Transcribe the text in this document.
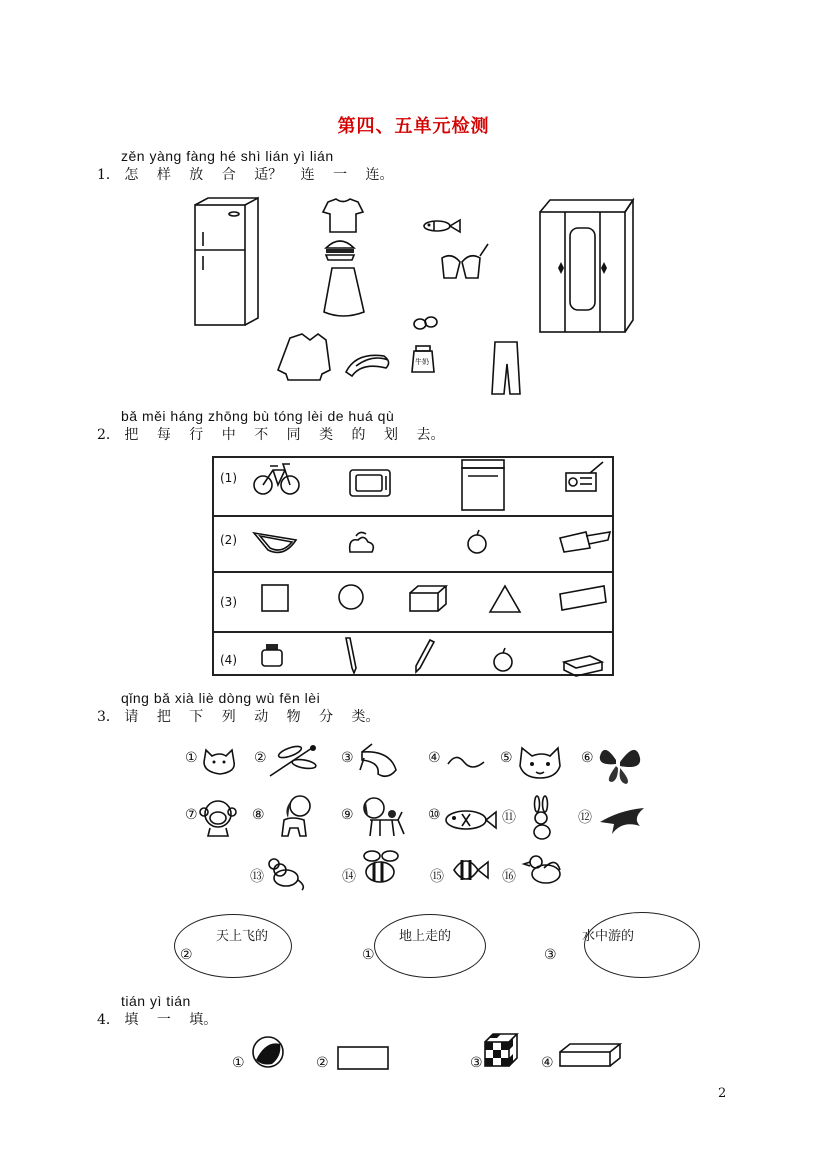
第四、五单元检测
zěn yàng fàng hé shì lián yì lián
1． 怎 样 放 合 适？ 连 一 连。
牛奶
bǎ měi háng zhōng bù tóng lèi de huá qù
2． 把 每 行 中 不 同 类 的 划 去。
(1)
(2)
(3)
(4)
qǐng bǎ xià liè dòng wù fēn lèi
3． 请 把 下 列 动 物 分 类。
①	②	③	④	⑤	⑥
⑦	⑧	⑨	⑩	⑪	⑫
⑬	⑭	⑮	⑯
天上飞的
②
地上走的
①
水中游的
③
tián yì tián
4． 填 一 填。
①	②	③	④
2
